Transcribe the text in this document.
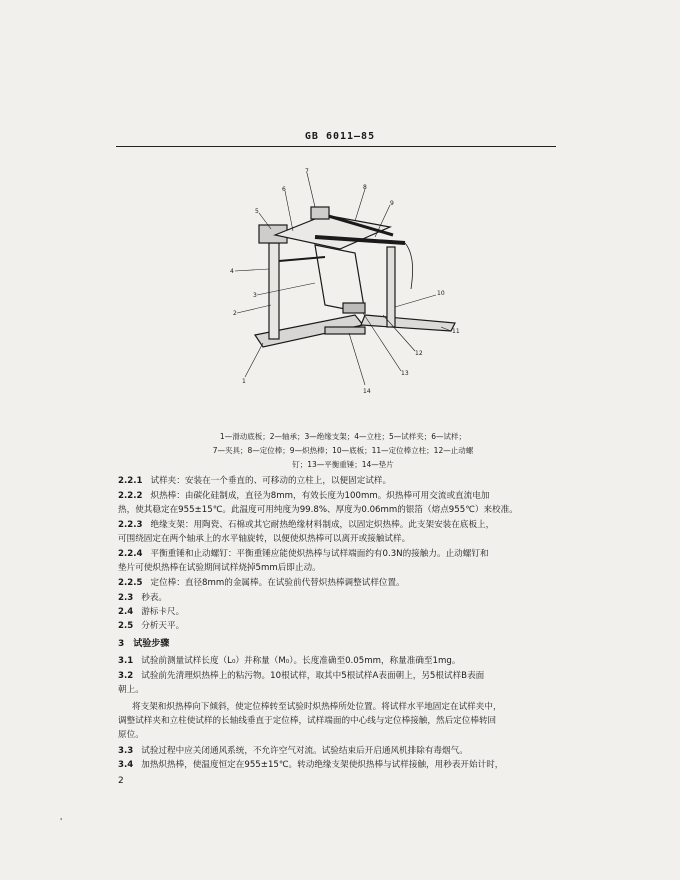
GB 6011—85
1
2
3
4
5
6
7
8
9
10
11
12
13
14
1—滑动底板；2—轴承；3—绝缘支架；4—立柱；5—试样夹；6—试样；
7—夹具；8—定位棒；9—炽热棒；10—底板；11—定位棒立柱；12—止动螺
钉；13—平衡重锤；14—垫片
2.2.1 试样夹：安装在一个垂直的、可移动的立柱上，以便固定试样。
2.2.2 炽热棒：由碳化硅制成，直径为8mm，有效长度为100mm。炽热棒可用交流或直流电加
热，使其稳定在955±15℃。此温度可用纯度为99.8%、厚度为0.06mm的银箔（熔点955℃）来校准。
2.2.3 绝缘支架：用陶瓷、石棉或其它耐热绝缘材料制成，以固定炽热棒。此支架安装在底板上，
可围绕固定在两个轴承上的水平轴旋转，以便使炽热棒可以离开或接触试样。
2.2.4 平衡重锤和止动螺钉：平衡重锤应能使炽热棒与试样端面约有0.3N的接触力。止动螺钉和
垫片可使炽热棒在试验期间试样烧掉5mm后即止动。
2.2.5 定位棒：直径8mm的金属棒。在试验前代替炽热棒调整试样位置。
2.3 秒表。
2.4 游标卡尺。
2.5 分析天平。
3　试验步骤
3.1 试验前测量试样长度（L₀）并称量（M₀）。长度准确至0.05mm，称量准确至1mg。
3.2 试验前先清理炽热棒上的粘污物。10根试样，取其中5根试样A表面朝上，另5根试样B表面
朝上。
将支架和炽热棒向下倾斜，使定位棒转至试验时炽热棒所处位置。将试样水平地固定在试样夹中，
调整试样夹和立柱使试样的长轴线垂直于定位棒，试样端面的中心线与定位棒接触，然后定位棒转回
原位。
3.3 试验过程中应关闭通风系统，不允许空气对流。试验结束后开启通风机排除有毒烟气。
3.4 加热炽热棒，使温度恒定在955±15℃。转动绝缘支架使炽热棒与试样接触，用秒表开始计时，
2
'
